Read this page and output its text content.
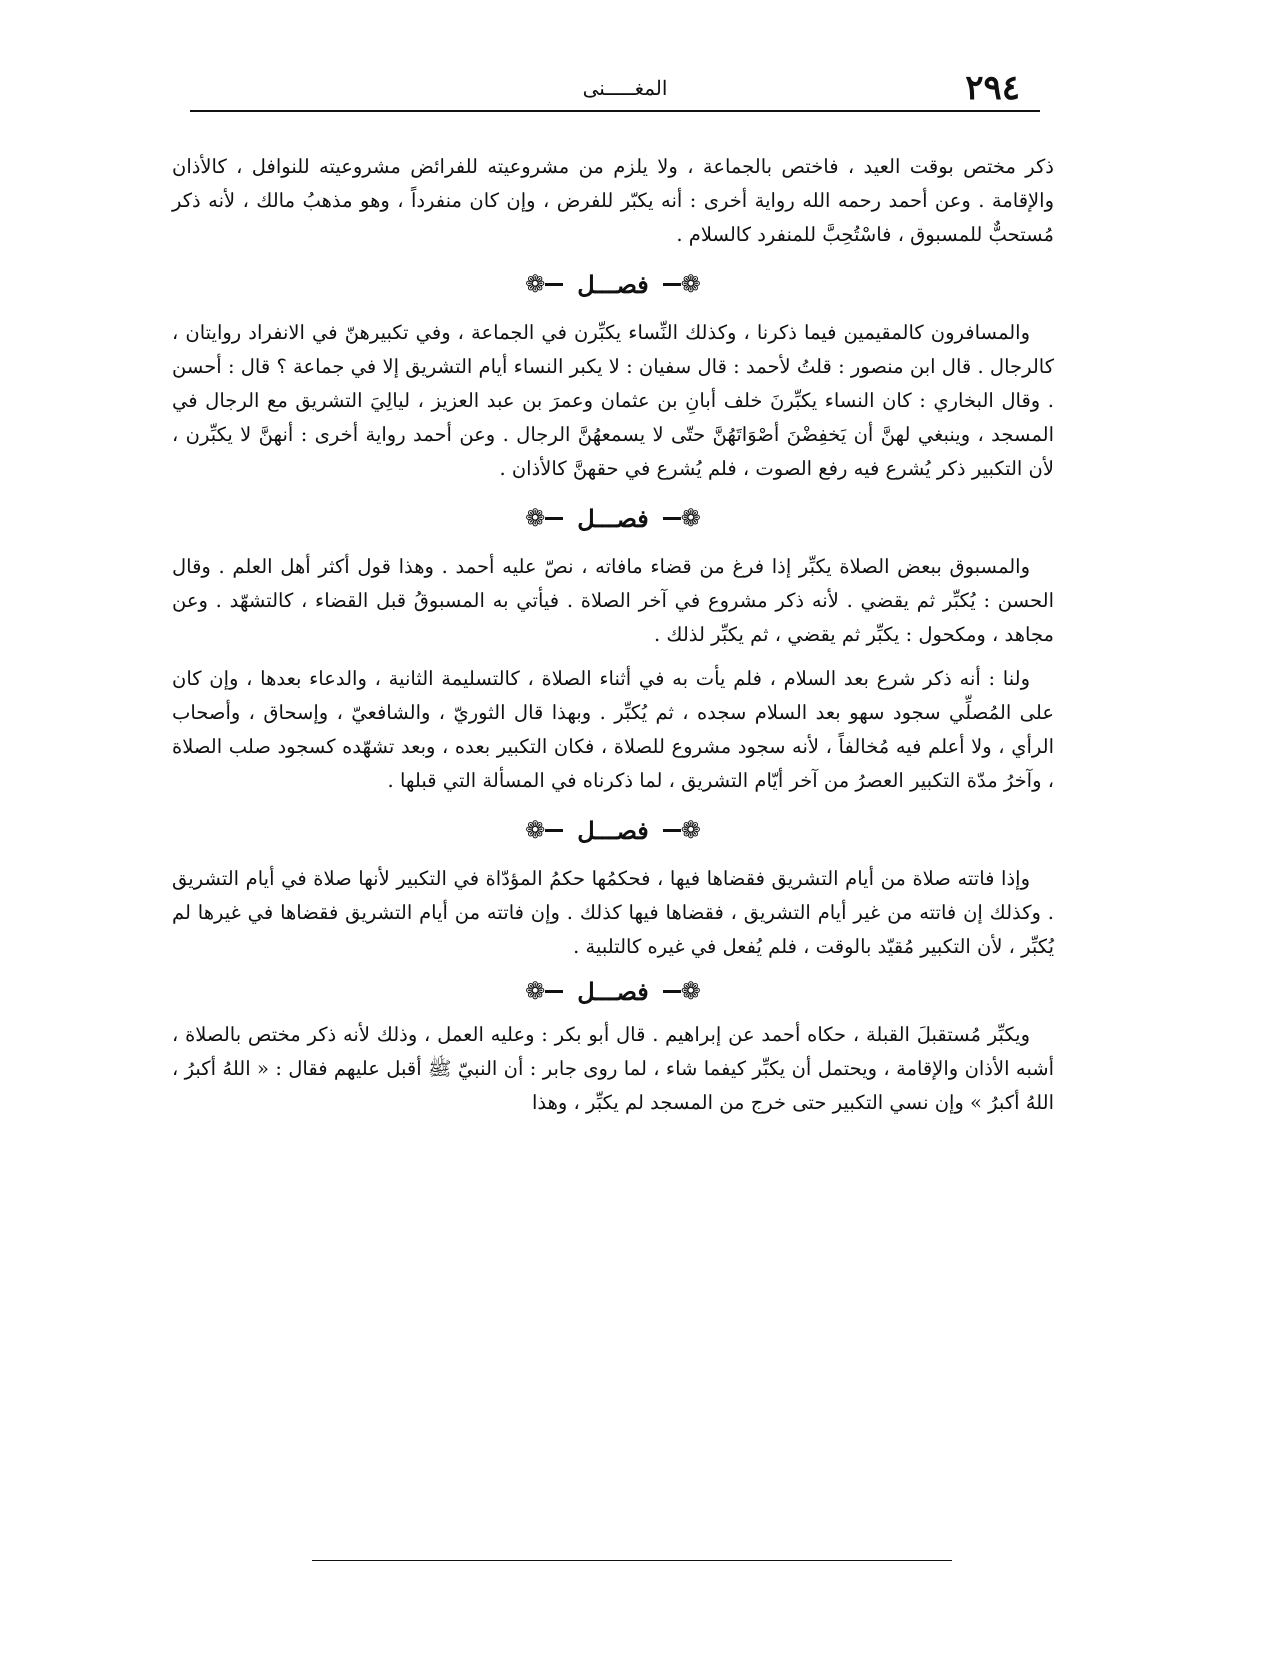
٢٩٤
المغـــــنى

ذكر مختص بوقت العيد ، فاختص بالجماعة ، ولا يلزم من مشروعيته للفرائض مشروعيته للنوافل ، كالأذان والإقامة . وعن أحمد رحمه الله رواية أخرى : أنه يكبّر للفرض ، وإن كان منفرداً ، وهو مذهبُ مالك ، لأنه ذكر مُستحبٌّ للمسبوق ، فاسْتُحِبَّ للمنفرد كالسلام .

❁
فصـــل
❁

والمسافرون كالمقيمين فيما ذكرنا ، وكذلك النِّساء يكبِّرن في الجماعة ، وفي تكبيرهنّ في الانفراد روايتان ، كالرجال . قال ابن منصور : قلتُ لأحمد : قال سفيان : لا يكبر النساء أيام التشريق إلا في جماعة ؟ قال : أحسن . وقال البخاري : كان النساء يكبِّرنَ خلف أبانِ بن عثمان وعمرَ بن عبد العزيز ، ليالِيَ التشريق مع الرجال في المسجد ، وينبغي لهنَّ أن يَخفِضْنَ أصْوَاتَهُنَّ حتّى لا يسمعهُنَّ الرجال . وعن أحمد رواية أخرى : أنهنَّ لا يكبِّرن ، لأن التكبير ذكر يُشرع فيه رفع الصوت ، فلم يُشرع في حقهنَّ كالأذان .

❁
فصـــل
❁

والمسبوق ببعض الصلاة يكبِّر إذا فرغ من قضاء مافاته ، نصّ عليه أحمد . وهذا قول أكثر أهل العلم . وقال الحسن : يُكبِّر ثم يقضي . لأنه ذكر مشروع في آخر الصلاة . فيأتي به المسبوقُ قبل القضاء ، كالتشهّد . وعن مجاهد ، ومكحول : يكبِّر ثم يقضي ، ثم يكبِّر لذلك .

ولنا : أنه ذكر شرع بعد السلام ، فلم يأت به في أثناء الصلاة ، كالتسليمة الثانية ، والدعاء بعدها ، وإن كان على المُصلِّي سجود سهو بعد السلام سجده ، ثم يُكبِّر . وبهذا قال الثوريّ ، والشافعيّ ، وإسحاق ، وأصحاب الرأي ، ولا أعلم فيه مُخالفاً ، لأنه سجود مشروع للصلاة ، فكان التكبير بعده ، وبعد تشهّده كسجود صلب الصلاة ، وآخرُ مدّة التكبير العصرُ من آخر أيّام التشريق ، لما ذكرناه في المسألة التي قبلها .

❁
فصـــل
❁

وإذا فاتته صلاة من أيام التشريق فقضاها فيها ، فحكمُها حكمُ المؤدّاة في التكبير لأنها صلاة في أيام التشريق . وكذلك إن فاتته من غير أيام التشريق ، فقضاها فيها كذلك . وإن فاتته من أيام التشريق فقضاها في غيرها لم يُكبِّر ، لأن التكبير مُقيّد بالوقت ، فلم يُفعل في غيره كالتلبية .

❁
فصـــل
❁

ويكبِّر مُستقبلَ القبلة ، حكاه أحمد عن إبراهيم . قال أبو بكر : وعليه العمل ، وذلك لأنه ذكر مختص بالصلاة ، أشبه الأذان والإقامة ، ويحتمل أن يكبِّر كيفما شاء ، لما روى جابر : أن النبيّ ﷺ أقبل عليهم فقال : « اللهُ أكبرُ ، اللهُ أكبرُ » وإن نسي التكبير حتى خرج من المسجد لم يكبِّر ، وهذا
